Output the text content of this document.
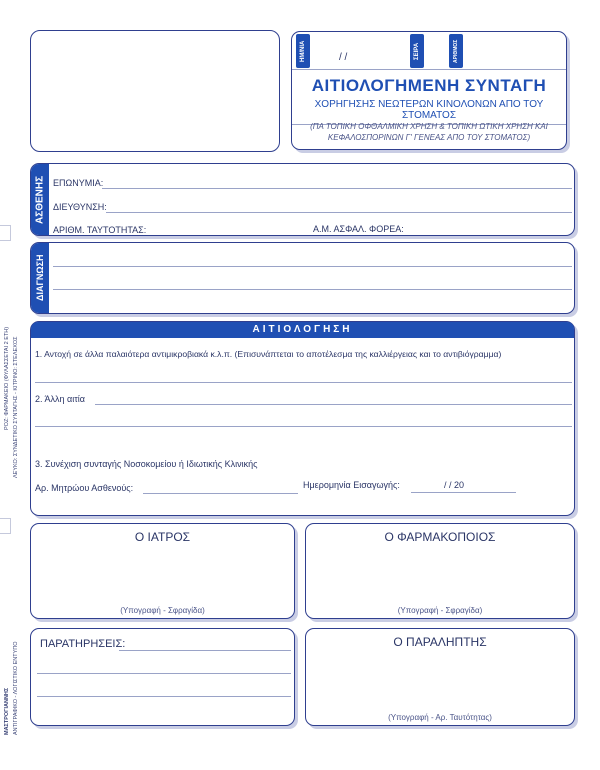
ΗΜ/ΝΙΑ	/ /	ΣΕΙΡΑ	ΑΡΙΘΜΟΣ
ΑΙΤΙΟΛΟΓΗΜΕΝΗ ΣΥΝΤΑΓΗ
ΧΟΡΗΓΗΣΗΣ ΝΕΩΤΕΡΩΝ ΚΙΝΟΛΟΝΩΝ ΑΠΟ ΤΟΥ ΣΤΟΜΑΤΟΣ
(ΠΑ ΤΟΠΙΚΗ ΟΦΘΑΛΜΙΚΗ ΧΡΗΣΗ & ΤΟΠΙΚΗ ΩΤΙΚΗ ΧΡΗΣΗ ΚΑΙ
ΚΕΦΑΛΟΣΠΟΡΙΝΩΝ Γ' ΓΕΝΕΑΣ ΑΠΟ ΤΟΥ ΣΤΟΜΑΤΟΣ)
ΑΣΘΕΝΗΣ ΕΠΩΝΥΜΙΑ:
ΔΙΕΥΘΥΝΣΗ:
ΑΡΙΘΜ. ΤΑΥΤΟΤΗΤΑΣ:	Α.Μ. ΑΣΦΑΛ. ΦΟΡΕΑ:
ΔΙΑΓΝΩΣΗ
ΑΙΤΙΟΛΟΓΗΣΗ
1. Αντοχή σε άλλα παλαιότερα αντιμικροβιακά κ.λ.π. (Επισυνάπτεται το αποτέλεσμα της καλλιέργειας και το αντιβιόγραμμα)
2. Άλλη αιτία
3. Συνέχιση συνταγής Νοσοκομείου ή Ιδιωτικής Κλινικής
Αρ. Μητρώου Ασθενούς:	Ημερομηνία Εισαγωγής:	/ / 20
Ο ΙΑΤΡΟΣ
(Υπογραφή - Σφραγίδα)
Ο ΦΑΡΜΑΚΟΠΟΙΟΣ
(Υπογραφή - Σφραγίδα)
ΠΑΡΑΤΗΡΗΣΕΙΣ:	Ο ΠΑΡΑΛΗΠΤΗΣ
(Υπογραφή - Αρ. Ταυτότητας)
ΡΟΖ: ΦΑΡΜΑΚΕΙΟ (ΦΥΛΑΣΣΕΤΑΙ 2 ΕΤΗ) ΛΕΥΚΟ: ΣΥΝΔΕΤΙΚΟ ΣΥΝΤΑΓΗΣ - ΚΙΤΡΙΝΟ: ΣΤΕΛΕΧΟΣ
ΜΑΣΤΡΟΓΙΑΝΝΗΣ ΑΝΤΙΓΡΑΦΙΚΟ - ΛΟΓΙΣΤΙΚΟ ΕΝΤΥΠΟ
